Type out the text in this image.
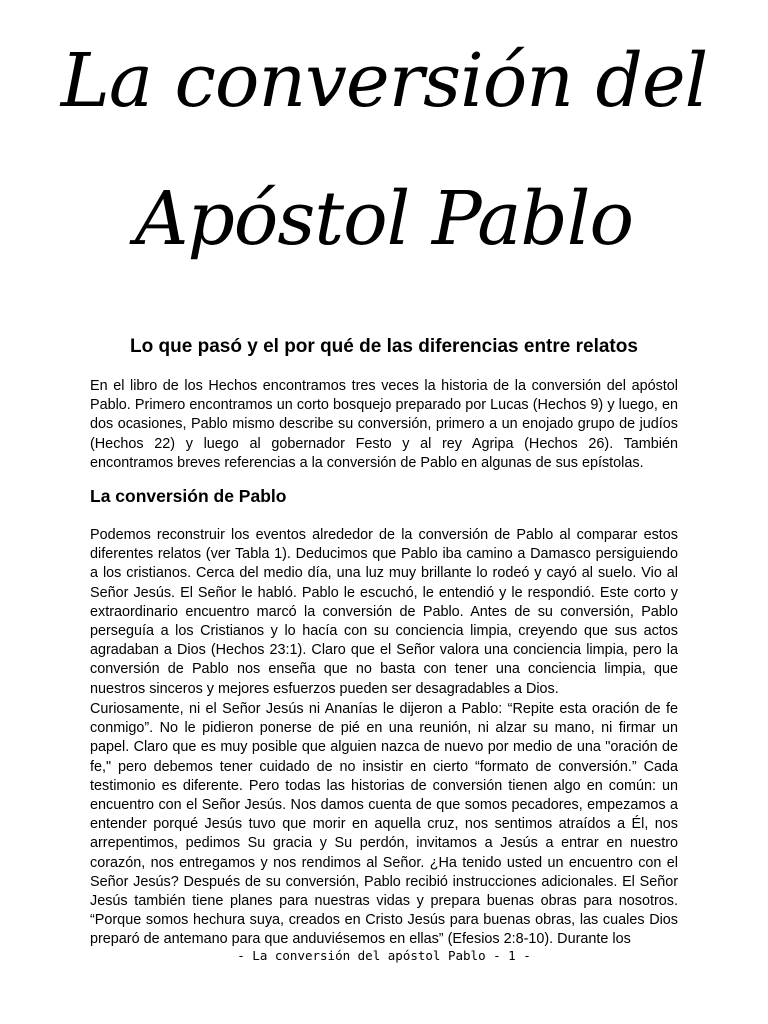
La conversión del
Apóstol Pablo
Lo que pasó y el por qué de las diferencias entre relatos

En el libro de los Hechos encontramos tres veces la historia de la conversión del apóstol Pablo. Primero encontramos un corto bosquejo preparado por Lucas (Hechos 9) y luego, en dos ocasiones, Pablo mismo describe su conversión, primero a un enojado grupo de judíos (Hechos 22) y luego al gobernador Festo y al rey Agripa (Hechos 26). También encontramos breves referencias a la conversión de Pablo en algunas de sus epístolas.

La conversión de Pablo

Podemos reconstruir los eventos alrededor de la conversión de Pablo al comparar estos diferentes relatos (ver Tabla 1). Deducimos que Pablo iba camino a Damasco persiguiendo a los cristianos. Cerca del medio día, una luz muy brillante lo rodeó y cayó al suelo. Vio al Señor Jesús. El Señor le habló. Pablo le escuchó, le entendió y le respondió. Este corto y extraordinario encuentro marcó la conversión de Pablo. Antes de su conversión, Pablo perseguía a los Cristianos y lo hacía con su conciencia limpia, creyendo que sus actos agradaban a Dios (Hechos 23:1). Claro que el Señor valora una conciencia limpia, pero la conversión de Pablo nos enseña que no basta con tener una conciencia limpia, que nuestros sinceros y mejores esfuerzos pueden ser desagradables a Dios.

Curiosamente, ni el Señor Jesús ni Ananías le dijeron a Pablo: “Repite esta oración de fe conmigo”. No le pidieron ponerse de pié en una reunión, ni alzar su mano, ni firmar un papel. Claro que es muy posible que alguien nazca de nuevo por medio de una "oración de fe," pero debemos tener cuidado de no insistir en cierto “formato de conversión.” Cada testimonio es diferente. Pero todas las historias de conversión tienen algo en común: un encuentro con el Señor Jesús. Nos damos cuenta de que somos pecadores, empezamos a entender porqué Jesús tuvo que morir en aquella cruz, nos sentimos atraídos a Él, nos arrepentimos, pedimos Su gracia y Su perdón, invitamos a Jesús a entrar en nuestro corazón, nos entregamos y nos rendimos al Señor. ¿Ha tenido usted un encuentro con el Señor Jesús? Después de su conversión, Pablo recibió instrucciones adicionales. El Señor Jesús también tiene planes para nuestras vidas y prepara buenas obras para nosotros. “Porque somos hechura suya, creados en Cristo Jesús para buenas obras, las cuales Dios preparó de antemano para que anduviésemos en ellas” (Efesios 2:8-10). Durante los

- La conversión del apóstol Pablo - 1 -
